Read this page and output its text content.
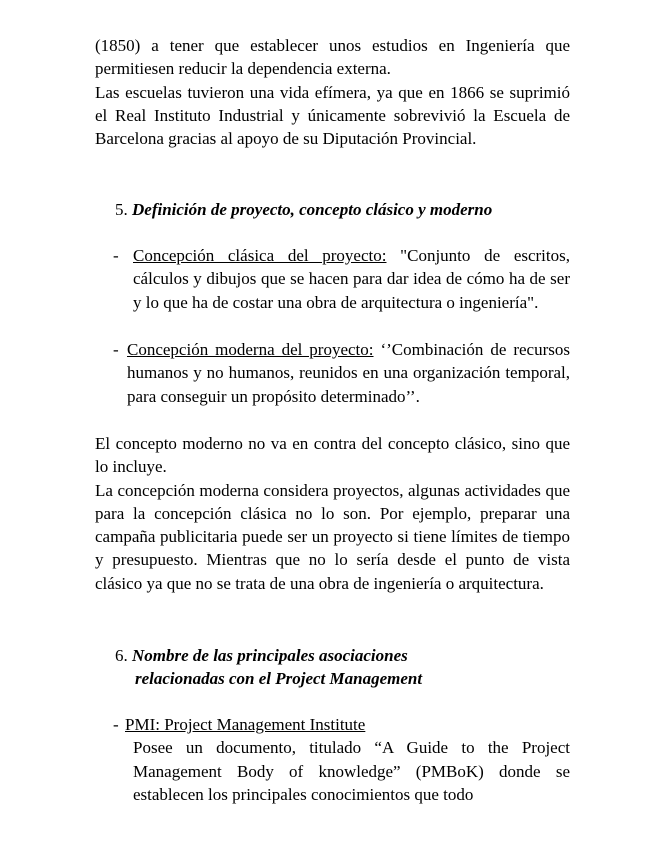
(1850) a tener que establecer unos estudios en Ingeniería que permitiesen reducir la dependencia externa.

Las escuelas tuvieron una vida efímera, ya que en 1866 se suprimió el Real Instituto Industrial y únicamente sobrevivió la Escuela de Barcelona gracias al apoyo de su Diputación Provincial.

5. Definición de proyecto, concepto clásico y moderno
- Concepción clásica del proyecto: "Conjunto de escritos, cálculos y dibujos que se hacen para dar idea de cómo ha de ser y lo que ha de costar una obra de arquitectura o ingeniería".

- Concepción moderna del proyecto: ‘’Combinación de recursos humanos y no humanos, reunidos en una organización temporal, para conseguir un propósito determinado’’.

El concepto moderno no va en contra del concepto clásico, sino que lo incluye.

La concepción moderna considera proyectos, algunas actividades que para la concepción clásica no lo son. Por ejemplo, preparar una campaña publicitaria puede ser un proyecto si tiene límites de tiempo y presupuesto. Mientras que no lo sería desde el punto de vista clásico ya que no se trata de una obra de ingeniería o arquitectura.

6. Nombre de las principales asociaciones
relacionadas con el Project Management
- PMI: Project Management Institute

Posee un documento, titulado “A Guide to the Project Management Body of knowledge” (PMBoK) donde se establecen los principales conocimientos que todo
